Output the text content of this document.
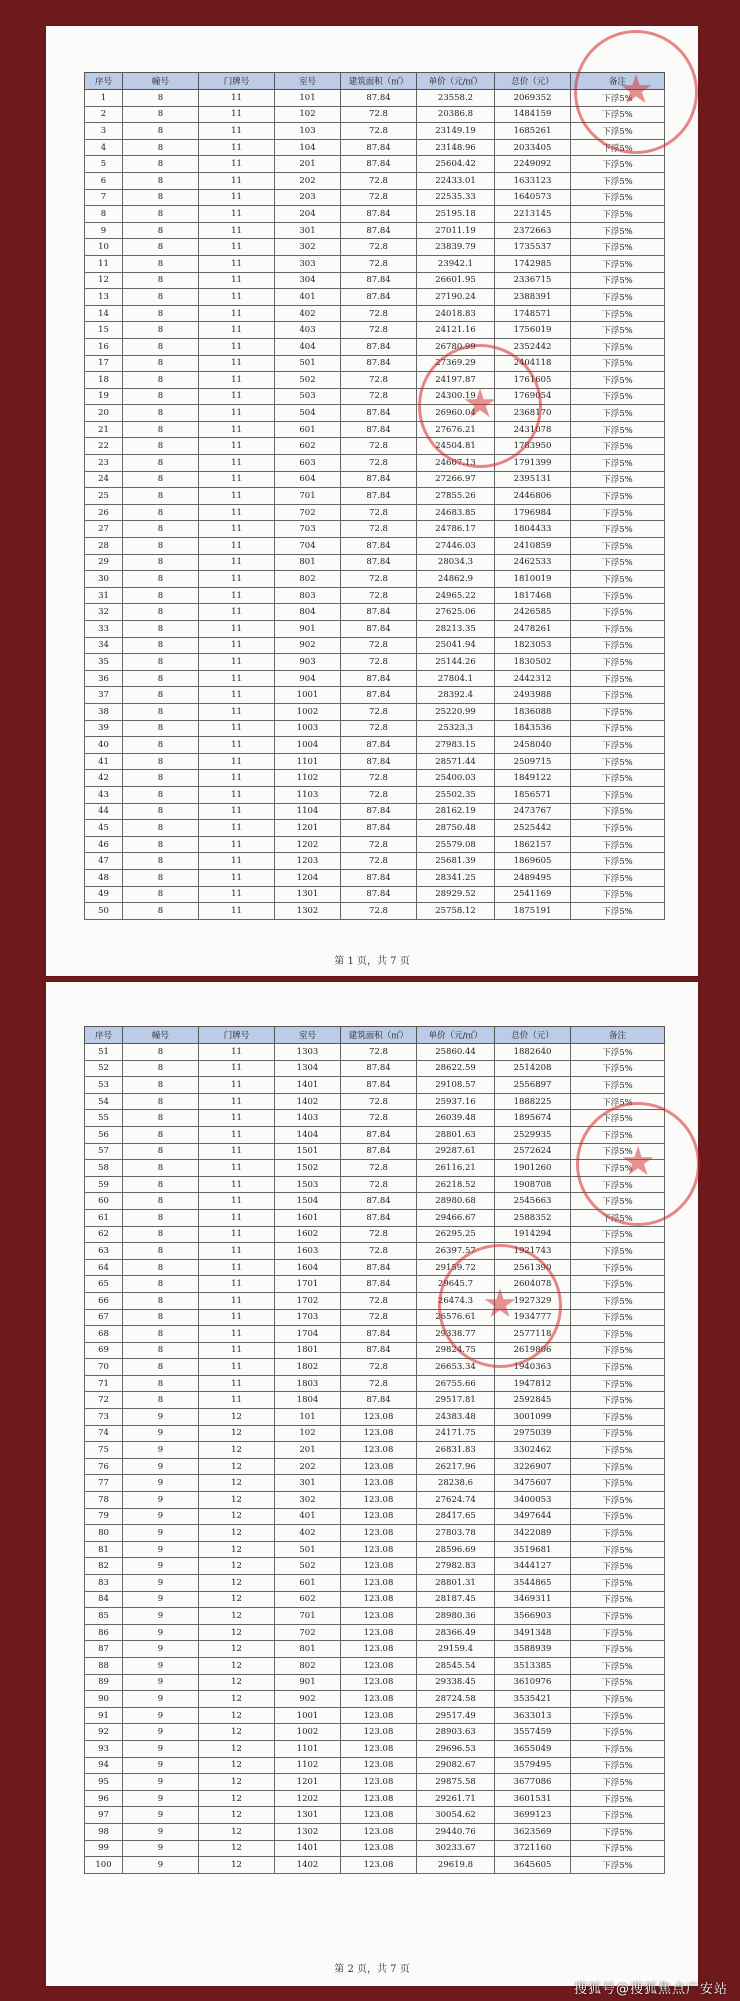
序号	幢号	门牌号	室号	建筑面积（㎡）	单价（元/㎡）	总价（元）	备注
1	8	11	101	87.84	23558.2	2069352	下浮5%
2	8	11	102	72.8	20386.8	1484159	下浮5%
3	8	11	103	72.8	23149.19	1685261	下浮5%
4	8	11	104	87.84	23148.96	2033405	下浮5%
5	8	11	201	87.84	25604.42	2249092	下浮5%
6	8	11	202	72.8	22433.01	1633123	下浮5%
7	8	11	203	72.8	22535.33	1640573	下浮5%
8	8	11	204	87.84	25195.18	2213145	下浮5%
9	8	11	301	87.84	27011.19	2372663	下浮5%
10	8	11	302	72.8	23839.79	1735537	下浮5%
11	8	11	303	72.8	23942.1	1742985	下浮5%
12	8	11	304	87.84	26601.95	2336715	下浮5%
13	8	11	401	87.84	27190.24	2388391	下浮5%
14	8	11	402	72.8	24018.83	1748571	下浮5%
15	8	11	403	72.8	24121.16	1756019	下浮5%
16	8	11	404	87.84	26780.99	2352442	下浮5%
17	8	11	501	87.84	27369.29	2404118	下浮5%
18	8	11	502	72.8	24197.87	1761605	下浮5%
19	8	11	503	72.8	24300.19	1769054	下浮5%
20	8	11	504	87.84	26960.04	2368170	下浮5%
21	8	11	601	87.84	27676.21	2431078	下浮5%
22	8	11	602	72.8	24504.81	1783950	下浮5%
23	8	11	603	72.8	24607.13	1791399	下浮5%
24	8	11	604	87.84	27266.97	2395131	下浮5%
25	8	11	701	87.84	27855.26	2446806	下浮5%
26	8	11	702	72.8	24683.85	1796984	下浮5%
27	8	11	703	72.8	24786.17	1804433	下浮5%
28	8	11	704	87.84	27446.03	2410859	下浮5%
29	8	11	801	87.84	28034.3	2462533	下浮5%
30	8	11	802	72.8	24862.9	1810019	下浮5%
31	8	11	803	72.8	24965.22	1817468	下浮5%
32	8	11	804	87.84	27625.06	2426585	下浮5%
33	8	11	901	87.84	28213.35	2478261	下浮5%
34	8	11	902	72.8	25041.94	1823053	下浮5%
35	8	11	903	72.8	25144.26	1830502	下浮5%
36	8	11	904	87.84	27804.1	2442312	下浮5%
37	8	11	1001	87.84	28392.4	2493988	下浮5%
38	8	11	1002	72.8	25220.99	1836088	下浮5%
39	8	11	1003	72.8	25323.3	1843536	下浮5%
40	8	11	1004	87.84	27983.15	2458040	下浮5%
41	8	11	1101	87.84	28571.44	2509715	下浮5%
42	8	11	1102	72.8	25400.03	1849122	下浮5%
43	8	11	1103	72.8	25502.35	1856571	下浮5%
44	8	11	1104	87.84	28162.19	2473767	下浮5%
45	8	11	1201	87.84	28750.48	2525442	下浮5%
46	8	11	1202	72.8	25579.08	1862157	下浮5%
47	8	11	1203	72.8	25681.39	1869605	下浮5%
48	8	11	1204	87.84	28341.25	2489495	下浮5%
49	8	11	1301	87.84	28929.52	2541169	下浮5%
50	8	11	1302	72.8	25758.12	1875191	下浮5%
★
★
第 1 页，共 7 页
序号	幢号	门牌号	室号	建筑面积（㎡）	单价（元/㎡）	总价（元）	备注
51	8	11	1303	72.8	25860.44	1882640	下浮5%
52	8	11	1304	87.84	28622.59	2514208	下浮5%
53	8	11	1401	87.84	29108.57	2556897	下浮5%
54	8	11	1402	72.8	25937.16	1888225	下浮5%
55	8	11	1403	72.8	26039.48	1895674	下浮5%
56	8	11	1404	87.84	28801.63	2529935	下浮5%
57	8	11	1501	87.84	29287.61	2572624	下浮5%
58	8	11	1502	72.8	26116.21	1901260	下浮5%
59	8	11	1503	72.8	26218.52	1908708	下浮5%
60	8	11	1504	87.84	28980.68	2545663	下浮5%
61	8	11	1601	87.84	29466.67	2588352	下浮5%
62	8	11	1602	72.8	26295.25	1914294	下浮5%
63	8	11	1603	72.8	26397.57	1921743	下浮5%
64	8	11	1604	87.84	29159.72	2561390	下浮5%
65	8	11	1701	87.84	29645.7	2604078	下浮5%
66	8	11	1702	72.8	26474.3	1927329	下浮5%
67	8	11	1703	72.8	26576.61	1934777	下浮5%
68	8	11	1704	87.84	29338.77	2577118	下浮5%
69	8	11	1801	87.84	29824.75	2619806	下浮5%
70	8	11	1802	72.8	26653.34	1940363	下浮5%
71	8	11	1803	72.8	26755.66	1947812	下浮5%
72	8	11	1804	87.84	29517.81	2592845	下浮5%
73	9	12	101	123.08	24383.48	3001099	下浮5%
74	9	12	102	123.08	24171.75	2975039	下浮5%
75	9	12	201	123.08	26831.83	3302462	下浮5%
76	9	12	202	123.08	26217.96	3226907	下浮5%
77	9	12	301	123.08	28238.6	3475607	下浮5%
78	9	12	302	123.08	27624.74	3400053	下浮5%
79	9	12	401	123.08	28417.65	3497644	下浮5%
80	9	12	402	123.08	27803.78	3422089	下浮5%
81	9	12	501	123.08	28596.69	3519681	下浮5%
82	9	12	502	123.08	27982.83	3444127	下浮5%
83	9	12	601	123.08	28801.31	3544865	下浮5%
84	9	12	602	123.08	28187.45	3469311	下浮5%
85	9	12	701	123.08	28980.36	3566903	下浮5%
86	9	12	702	123.08	28366.49	3491348	下浮5%
87	9	12	801	123.08	29159.4	3588939	下浮5%
88	9	12	802	123.08	28545.54	3513385	下浮5%
89	9	12	901	123.08	29338.45	3610976	下浮5%
90	9	12	902	123.08	28724.58	3535421	下浮5%
91	9	12	1001	123.08	29517.49	3633013	下浮5%
92	9	12	1002	123.08	28903.63	3557459	下浮5%
93	9	12	1101	123.08	29696.53	3655049	下浮5%
94	9	12	1102	123.08	29082.67	3579495	下浮5%
95	9	12	1201	123.08	29875.58	3677086	下浮5%
96	9	12	1202	123.08	29261.71	3601531	下浮5%
97	9	12	1301	123.08	30054.62	3699123	下浮5%
98	9	12	1302	123.08	29440.76	3623569	下浮5%
99	9	12	1401	123.08	30233.67	3721160	下浮5%
100	9	12	1402	123.08	29619.8	3645605	下浮5%
★
★
第 2 页，共 7 页
搜狐号@搜狐焦点广安站
